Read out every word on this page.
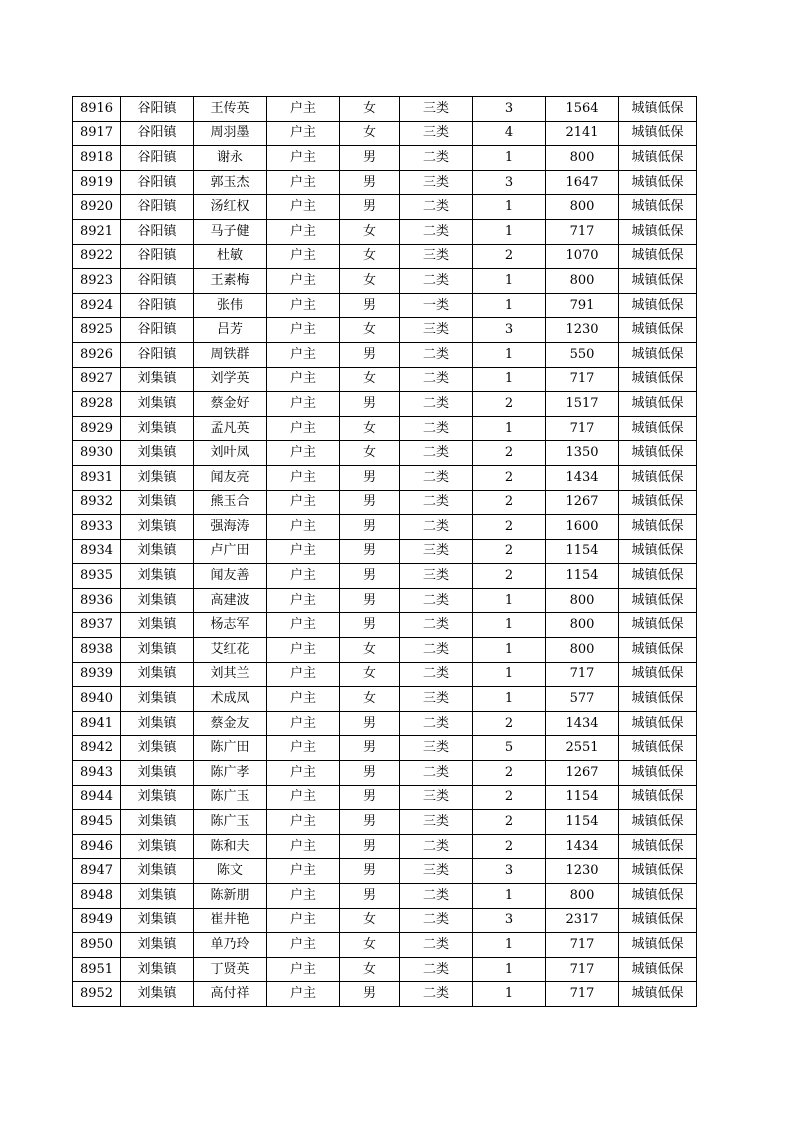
8916	谷阳镇	王传英	户主	女	三类	3	1564	城镇低保
8917	谷阳镇	周羽墨	户主	女	三类	4	2141	城镇低保
8918	谷阳镇	谢永	户主	男	二类	1	800	城镇低保
8919	谷阳镇	郭玉杰	户主	男	三类	3	1647	城镇低保
8920	谷阳镇	汤红权	户主	男	二类	1	800	城镇低保
8921	谷阳镇	马子健	户主	女	二类	1	717	城镇低保
8922	谷阳镇	杜敏	户主	女	三类	2	1070	城镇低保
8923	谷阳镇	王素梅	户主	女	二类	1	800	城镇低保
8924	谷阳镇	张伟	户主	男	一类	1	791	城镇低保
8925	谷阳镇	吕芳	户主	女	三类	3	1230	城镇低保
8926	谷阳镇	周铁群	户主	男	二类	1	550	城镇低保
8927	刘集镇	刘学英	户主	女	二类	1	717	城镇低保
8928	刘集镇	蔡金好	户主	男	二类	2	1517	城镇低保
8929	刘集镇	孟凡英	户主	女	二类	1	717	城镇低保
8930	刘集镇	刘叶凤	户主	女	二类	2	1350	城镇低保
8931	刘集镇	闻友亮	户主	男	二类	2	1434	城镇低保
8932	刘集镇	熊玉合	户主	男	二类	2	1267	城镇低保
8933	刘集镇	强海涛	户主	男	二类	2	1600	城镇低保
8934	刘集镇	卢广田	户主	男	三类	2	1154	城镇低保
8935	刘集镇	闻友善	户主	男	三类	2	1154	城镇低保
8936	刘集镇	高建波	户主	男	二类	1	800	城镇低保
8937	刘集镇	杨志军	户主	男	二类	1	800	城镇低保
8938	刘集镇	艾红花	户主	女	二类	1	800	城镇低保
8939	刘集镇	刘其兰	户主	女	二类	1	717	城镇低保
8940	刘集镇	术成凤	户主	女	三类	1	577	城镇低保
8941	刘集镇	蔡金友	户主	男	二类	2	1434	城镇低保
8942	刘集镇	陈广田	户主	男	三类	5	2551	城镇低保
8943	刘集镇	陈广孝	户主	男	二类	2	1267	城镇低保
8944	刘集镇	陈广玉	户主	男	三类	2	1154	城镇低保
8945	刘集镇	陈广玉	户主	男	三类	2	1154	城镇低保
8946	刘集镇	陈和夫	户主	男	二类	2	1434	城镇低保
8947	刘集镇	陈文	户主	男	三类	3	1230	城镇低保
8948	刘集镇	陈新朋	户主	男	二类	1	800	城镇低保
8949	刘集镇	崔井艳	户主	女	二类	3	2317	城镇低保
8950	刘集镇	单乃玲	户主	女	二类	1	717	城镇低保
8951	刘集镇	丁贤英	户主	女	二类	1	717	城镇低保
8952	刘集镇	高付祥	户主	男	二类	1	717	城镇低保
